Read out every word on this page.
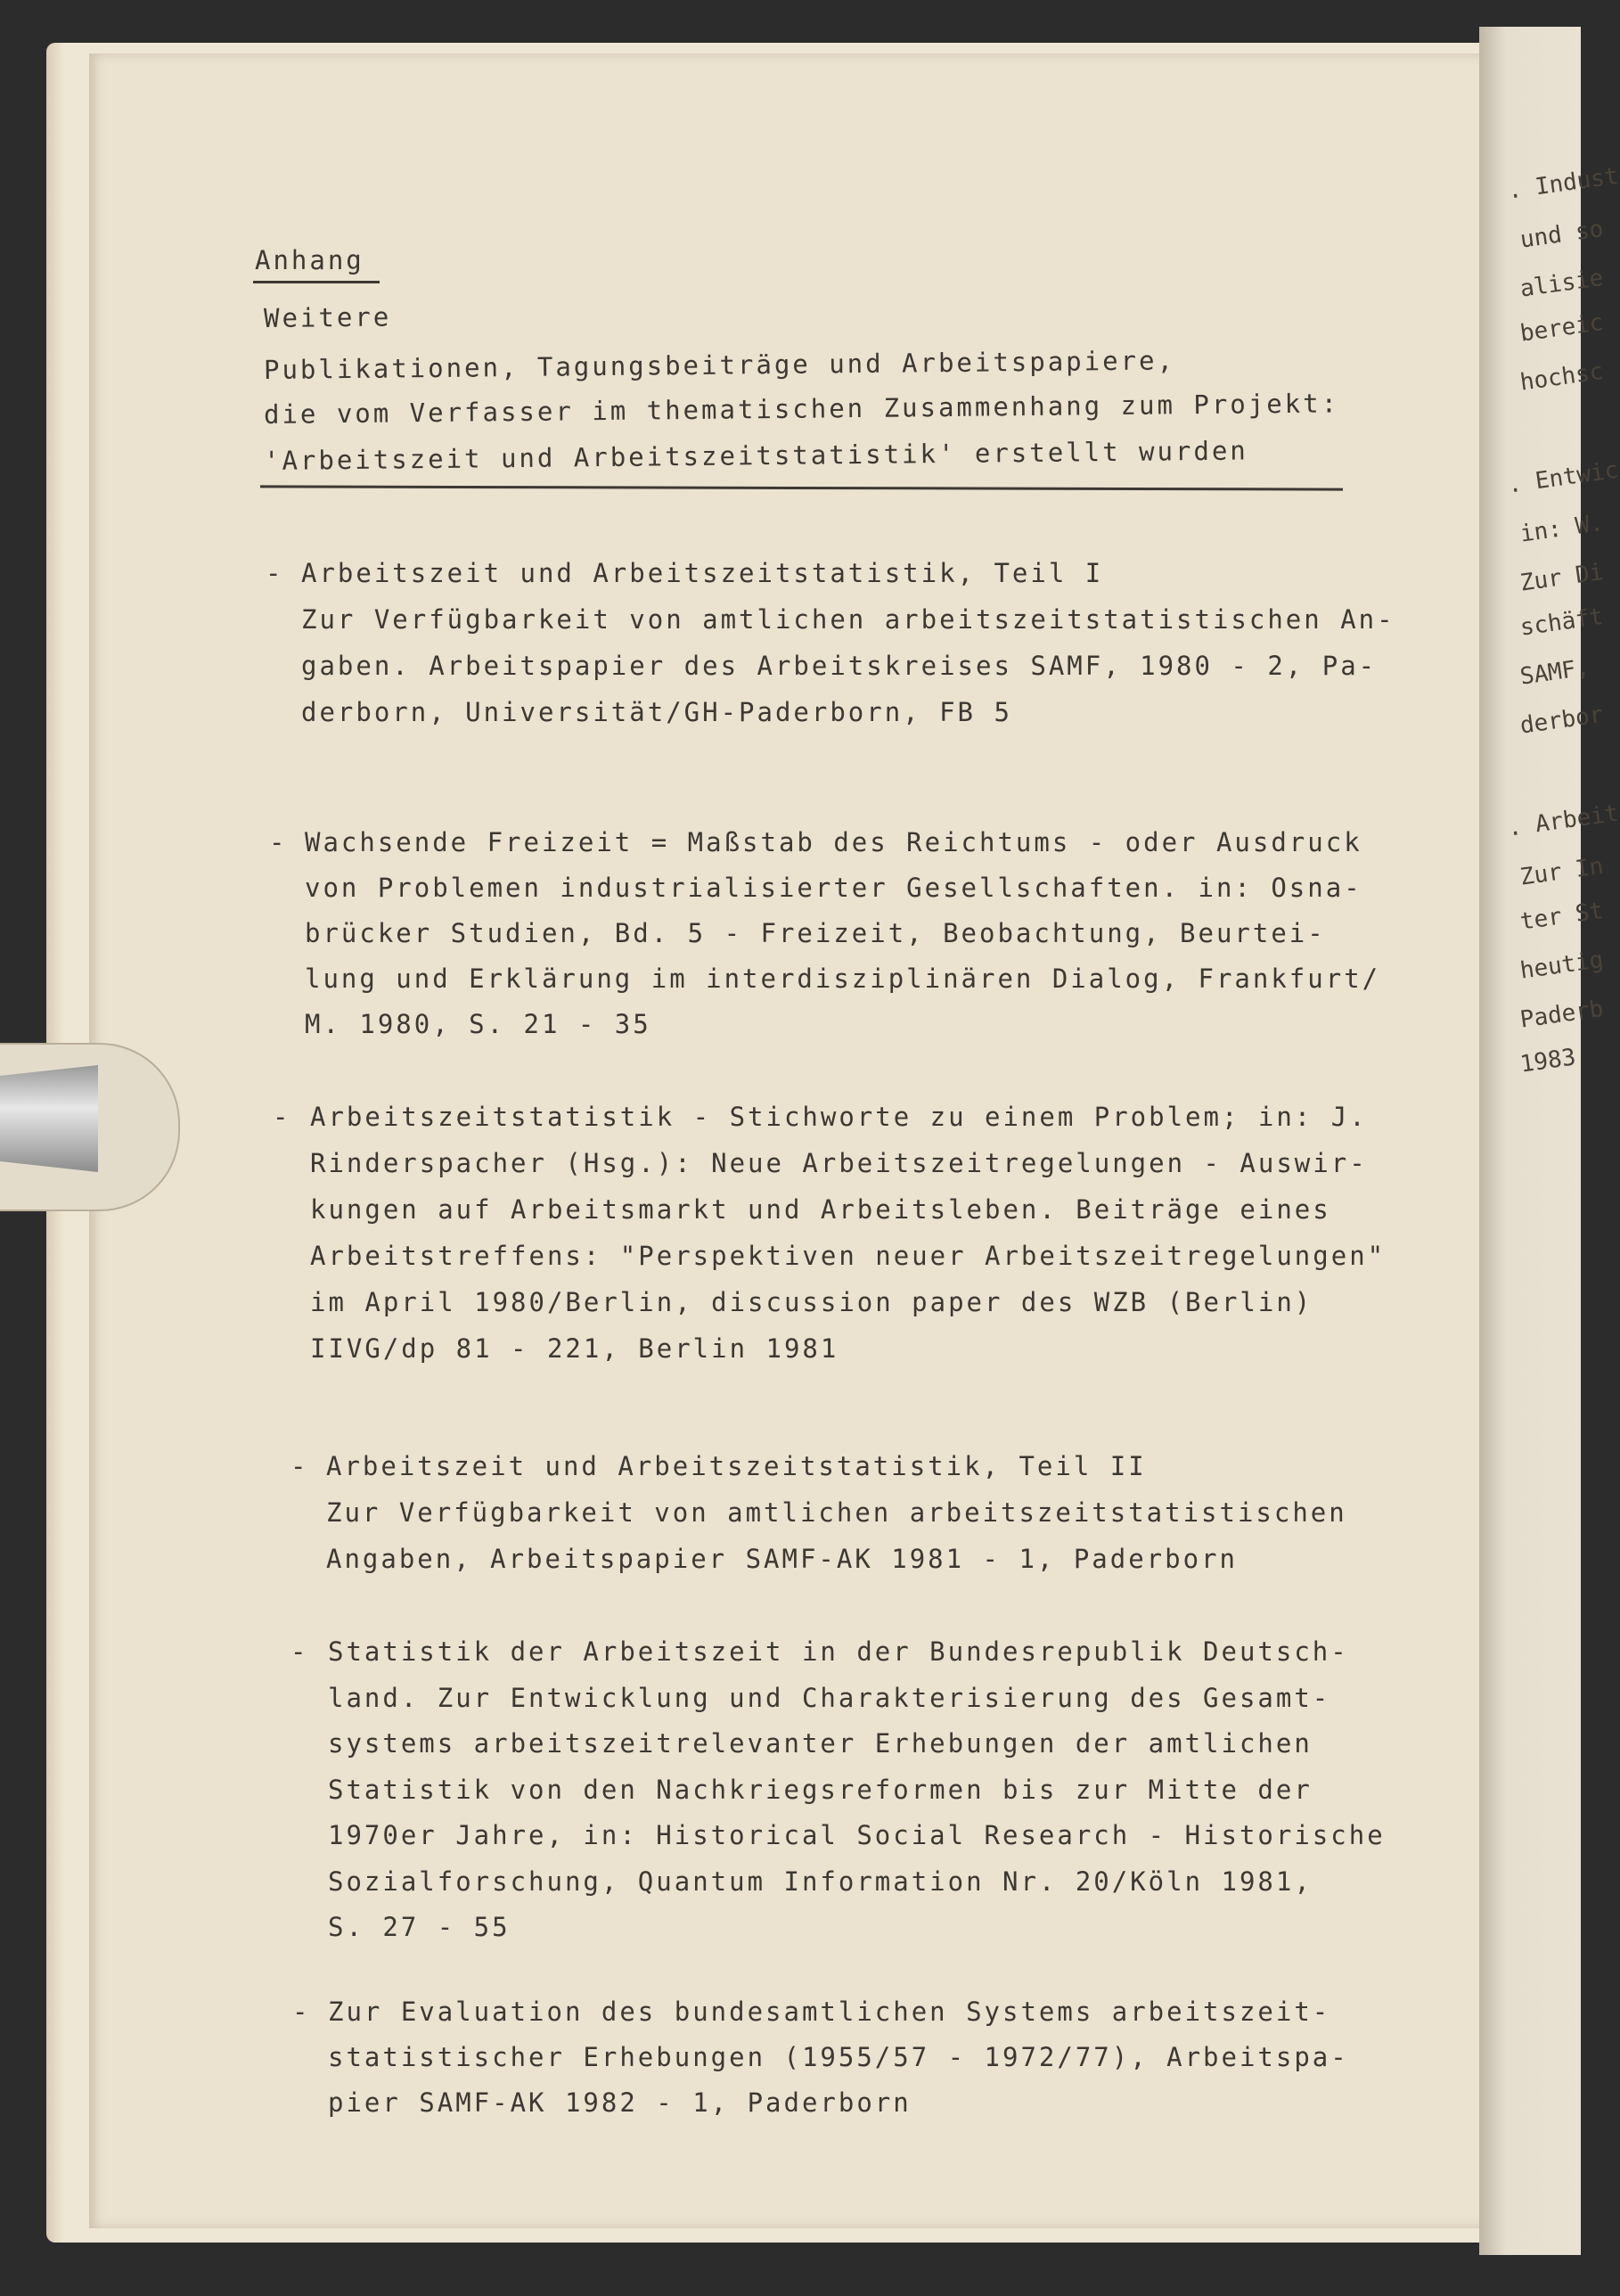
. Indust
und so
alisie
bereic
hochsc
. Entwic
in: W.
Zur Di
schäft
SAMF,
derbor
. Arbeit
Zur In
ter St
heutig
Paderb
1983
Anhang
Weitere
Publikationen, Tagungsbeiträge und Arbeitspapiere,
die vom Verfasser im thematischen Zusammenhang zum Projekt:
'Arbeitszeit und Arbeitszeitstatistik' erstellt wurden
- Arbeitszeit und Arbeitszeitstatistik, Teil I
Zur Verfügbarkeit von amtlichen arbeitszeitstatistischen An-
gaben. Arbeitspapier des Arbeitskreises SAMF, 1980 - 2, Pa-
derborn, Universität/GH-Paderborn, FB 5
- Wachsende Freizeit = Maßstab des Reichtums - oder Ausdruck
von Problemen industrialisierter Gesellschaften. in: Osna-
brücker Studien, Bd. 5 - Freizeit, Beobachtung, Beurtei-
lung und Erklärung im interdisziplinären Dialog, Frankfurt/
M. 1980, S. 21 - 35
- Arbeitszeitstatistik - Stichworte zu einem Problem; in: J.
Rinderspacher (Hsg.): Neue Arbeitszeitregelungen - Auswir-
kungen auf Arbeitsmarkt und Arbeitsleben. Beiträge eines
Arbeitstreffens: "Perspektiven neuer Arbeitszeitregelungen"
im April 1980/Berlin, discussion paper des WZB (Berlin)
IIVG/dp 81 - 221, Berlin 1981
- Arbeitszeit und Arbeitszeitstatistik, Teil II
Zur Verfügbarkeit von amtlichen arbeitszeitstatistischen
Angaben, Arbeitspapier SAMF-AK 1981 - 1, Paderborn
- Statistik der Arbeitszeit in der Bundesrepublik Deutsch-
land. Zur Entwicklung und Charakterisierung des Gesamt-
systems arbeitszeitrelevanter Erhebungen der amtlichen
Statistik von den Nachkriegsreformen bis zur Mitte der
1970er Jahre, in: Historical Social Research - Historische
Sozialforschung, Quantum Information Nr. 20/Köln 1981,
S. 27 - 55
- Zur Evaluation des bundesamtlichen Systems arbeitszeit-
statistischer Erhebungen (1955/57 - 1972/77), Arbeitspa-
pier SAMF-AK 1982 - 1, Paderborn
